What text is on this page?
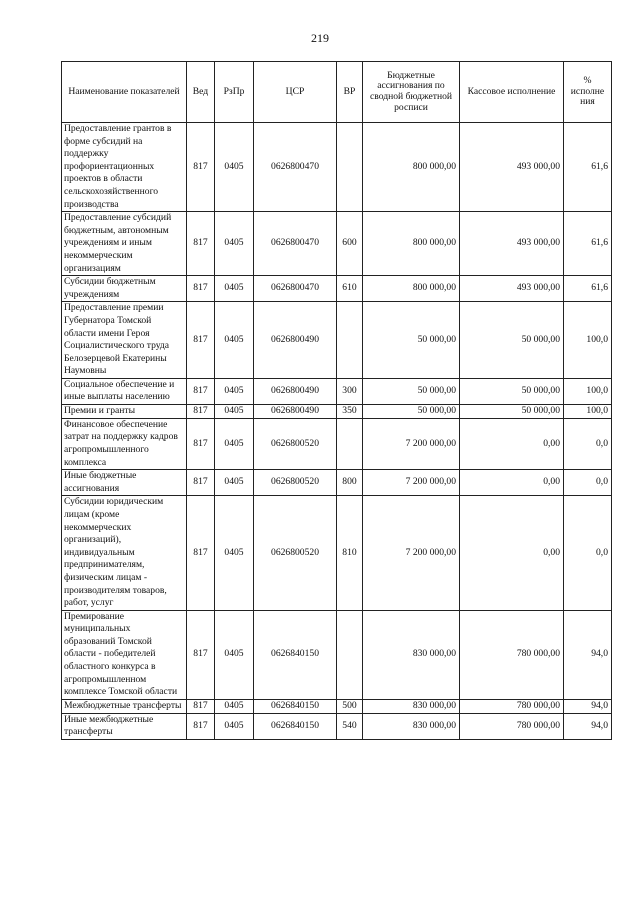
219
Наименование показателей	Вед	РзПр	ЦСР	ВР	Бюджетные ассигнования по сводной бюджетной росписи	Кассовое исполнение	% исполне ния
Предоставление грантов в форме субсидий на поддержку профориентационных проектов в области сельскохозяйственного производства	817	0405	0626800470		800 000,00	493 000,00	61,6
Предоставление субсидий бюджетным, автономным учреждениям и иным некоммерческим организациям	817	0405	0626800470	600	800 000,00	493 000,00	61,6
Субсидии бюджетным учреждениям	817	0405	0626800470	610	800 000,00	493 000,00	61,6
Предоставление премии Губернатора Томской области имени Героя Социалистического труда Белозерцевой Екатерины Наумовны	817	0405	0626800490		50 000,00	50 000,00	100,0
Социальное обеспечение и иные выплаты населению	817	0405	0626800490	300	50 000,00	50 000,00	100,0
Премии и гранты	817	0405	0626800490	350	50 000,00	50 000,00	100,0
Финансовое обеспечение затрат на поддержку кадров агропромышленного комплекса	817	0405	0626800520		7 200 000,00	0,00	0,0
Иные бюджетные ассигнования	817	0405	0626800520	800	7 200 000,00	0,00	0,0
Субсидии юридическим лицам (кроме некоммерческих организаций), индивидуальным предпринимателям, физическим лицам - производителям товаров, работ, услуг	817	0405	0626800520	810	7 200 000,00	0,00	0,0
Премирование муниципальных образований Томской области - победителей областного конкурса в агропромышленном комплексе Томской области	817	0405	0626840150		830 000,00	780 000,00	94,0
Межбюджетные трансферты	817	0405	0626840150	500	830 000,00	780 000,00	94,0
Иные межбюджетные трансферты	817	0405	0626840150	540	830 000,00	780 000,00	94,0
